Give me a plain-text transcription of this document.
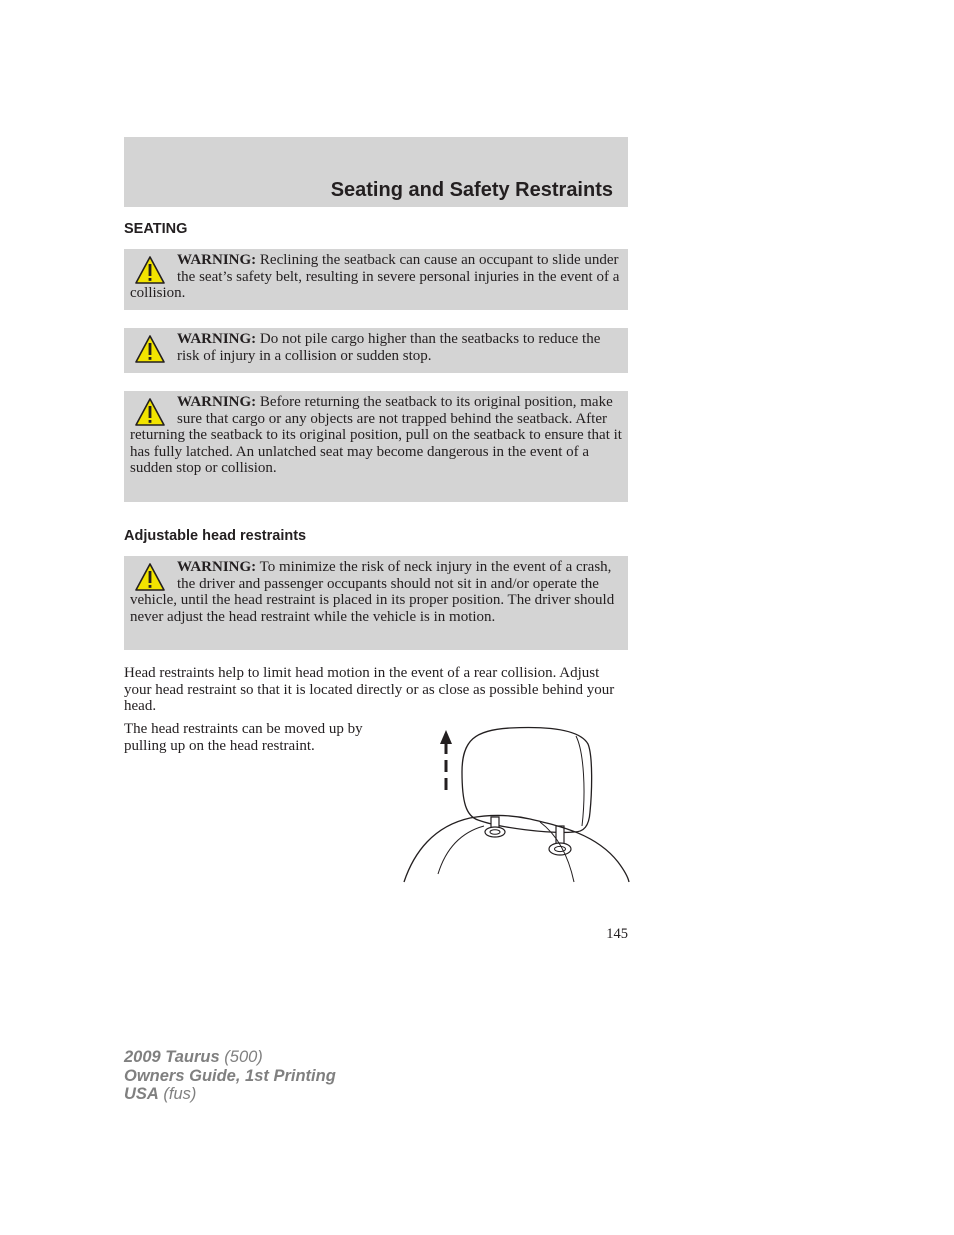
Seating and Safety Restraints
SEATING
WARNING: Reclining the seatback can cause an occupant to slide under the seat’s safety belt, resulting in severe personal injuries in the event of a collision.
WARNING: Do not pile cargo higher than the seatbacks to reduce the risk of injury in a collision or sudden stop.
WARNING: Before returning the seatback to its original position, make sure that cargo or any objects are not trapped behind the seatback. After returning the seatback to its original position, pull on the seatback to ensure that it has fully latched. An unlatched seat may become dangerous in the event of a sudden stop or collision.
Adjustable head restraints
WARNING: To minimize the risk of neck injury in the event of a crash, the driver and passenger occupants should not sit in and/or operate the vehicle, until the head restraint is placed in its proper position. The driver should never adjust the head restraint while the vehicle is in motion.

Head restraints help to limit head motion in the event of a rear collision. Adjust your head restraint so that it is located directly or as close as possible behind your head.

The head restraints can be moved up by pulling up on the head restraint.

145

2009 Taurus (500)
Owners Guide, 1st Printing
USA (fus)
